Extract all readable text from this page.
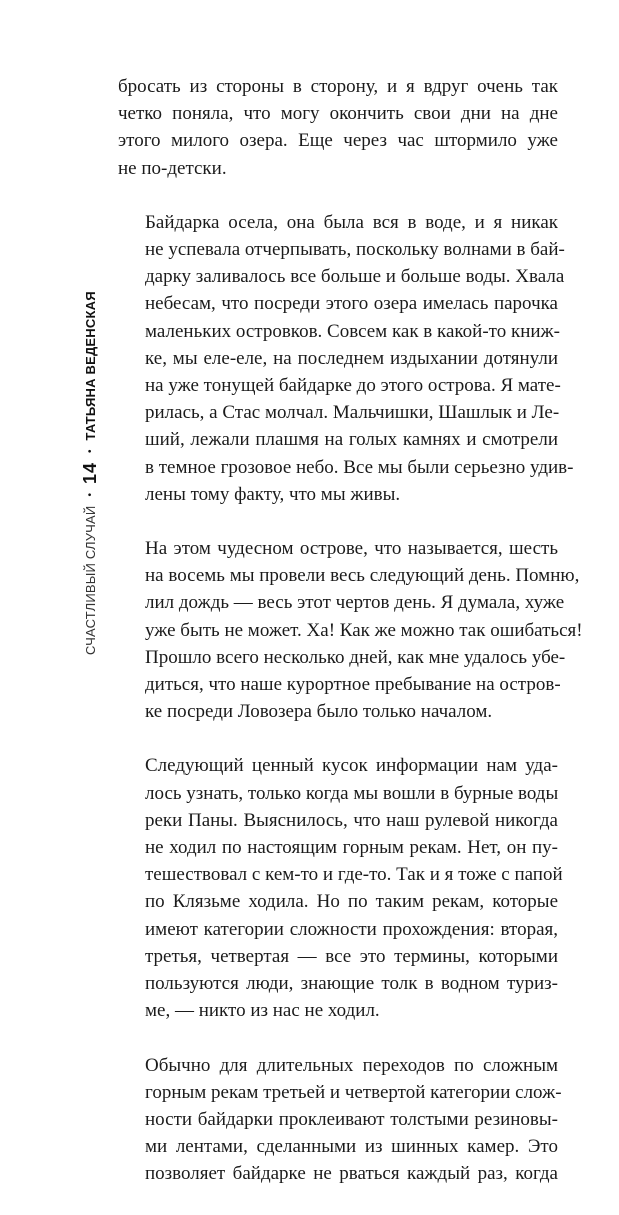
СЧАСТЛИВЫЙ СЛУЧАЙ
•
14
•
ТАТЬЯНА ВЕДЕНСКАЯ

бросать из стороны в сторону, и я вдруг очень так
четко поняла, что могу окончить свои дни на дне
этого милого озера. Еще через час штормило уже
не по-детски.

Байдарка осела, она была вся в воде, и я никак
не успевала отчерпывать, поскольку волнами в бай-
дарку заливалось все больше и больше воды. Хвала
небесам, что посреди этого озера имелась парочка
маленьких островков. Совсем как в какой-то книж-
ке, мы еле-еле, на последнем издыхании дотянули
на уже тонущей байдарке до этого острова. Я мате-
рилась, а Стас молчал. Мальчишки, Шашлык и Ле-
ший, лежали плашмя на голых камнях и смотрели
в темное грозовое небо. Все мы были серьезно удив-
лены тому факту, что мы живы.

На этом чудесном острове, что называется, шесть
на восемь мы провели весь следующий день. Помню,
лил дождь — весь этот чертов день. Я думала, хуже
уже быть не может. Ха! Как же можно так ошибаться!
Прошло всего несколько дней, как мне удалось убе-
диться, что наше курортное пребывание на остров-
ке посреди Ловозера было только началом.

Следующий ценный кусок информации нам уда-
лось узнать, только когда мы вошли в бурные воды
реки Паны. Выяснилось, что наш рулевой никогда
не ходил по настоящим горным рекам. Нет, он пу-
тешествовал с кем-то и где-то. Так и я тоже с папой
по Клязьме ходила. Но по таким рекам, которые
имеют категории сложности прохождения: вторая,
третья, четвертая — все это термины, которыми
пользуются люди, знающие толк в водном туриз-
ме, — никто из нас не ходил.

Обычно для длительных переходов по сложным
горным рекам третьей и четвертой категории слож-
ности байдарки проклеивают толстыми резиновы-
ми лентами, сделанными из шинных камер. Это
позволяет байдарке не рваться каждый раз, когда
